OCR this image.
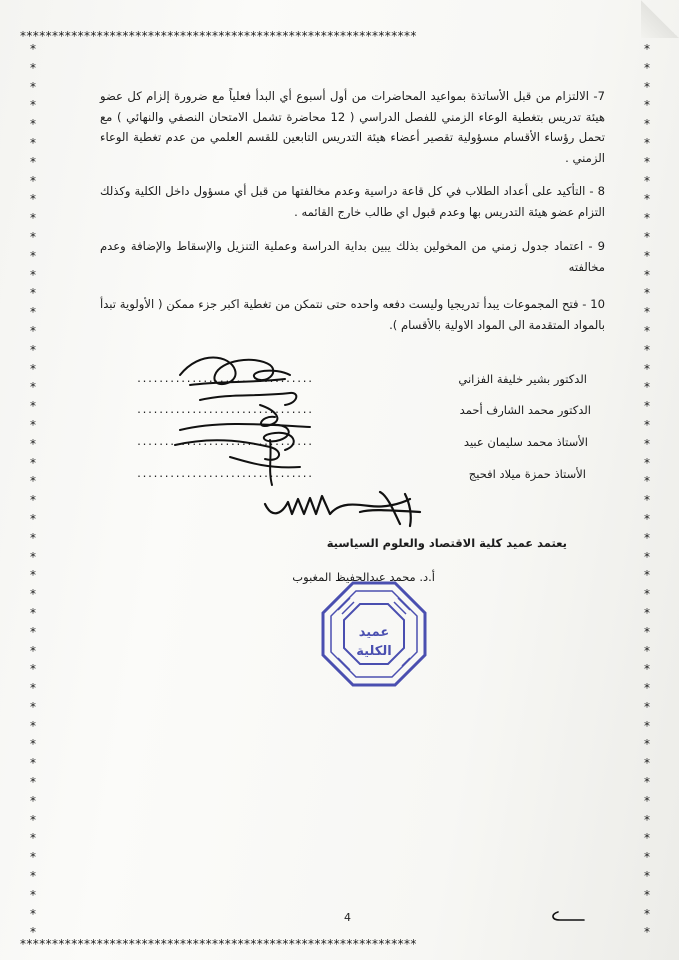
**************************************************************
**************************************************************
*
*
*
*
*
*
*
*
*
*
*
*
*
*
*
*
*
*
*
*
*
*
*
*
*
*
*
*
*
*
*
*
*
*
*
*
*
*
*
*
*
*
*
*
*
*
*
*
*
*
*
*
*
*
*
*
*
*
*
*
*
*
*
*
*
*
*
*
*
*
*
*
*
*
*
*
*
*
*
*
*
*
*
*
*
*
*
*
*
*
*
*
*
*
*
*
7- الالتزام من قبل الأساتذة بمواعيد المحاضرات من أول أسبوع أي البدأ فعلياً مع ضرورة إلزام كل عضو هيئة تدريس بتغطية الوعاء الزمني للفصل الدراسي ( 12 محاضرة تشمل الامتحان النصفي والنهائي ) مع تحمل رؤساء الأقسام مسؤولية تقصير أعضاء هيئة التدريس التابعين للقسم العلمي من عدم تغطية الوعاء الزمني .
8 - التأكيد على أعداد الطلاب في كل قاعة دراسية وعدم مخالفتها من قبل أي مسؤول داخل الكلية وكذلك التزام عضو هيئة التدريس بها وعدم قبول اي طالب خارج القائمه .
9 - اعتماد جدول زمني من المخولين بذلك يبين بداية الدراسة وعملية التنزيل والإسقاط والإضافة وعدم مخالفته
10 - فتح المجموعات يبدأ تدريجيا وليست دفعه واحده حتى نتمكن من تغطية اكبر جزء ممكن ( الأولوية تبدأ بالمواد المتقدمة الى المواد الاولية بالأقسام ).
الدكتور بشير خليفة الفزاني
الدكتور محمد الشارف أحمد
الأستاذ محمد سليمان عبيد
الأستاذ حمزة ميلاد افحيج
................................
................................
................................
................................
يعتمد عميد كلية الاقتصاد والعلوم السياسية
أ.د. محمد عبدالحفيظ المغبوب
عميد
الكلية
4
